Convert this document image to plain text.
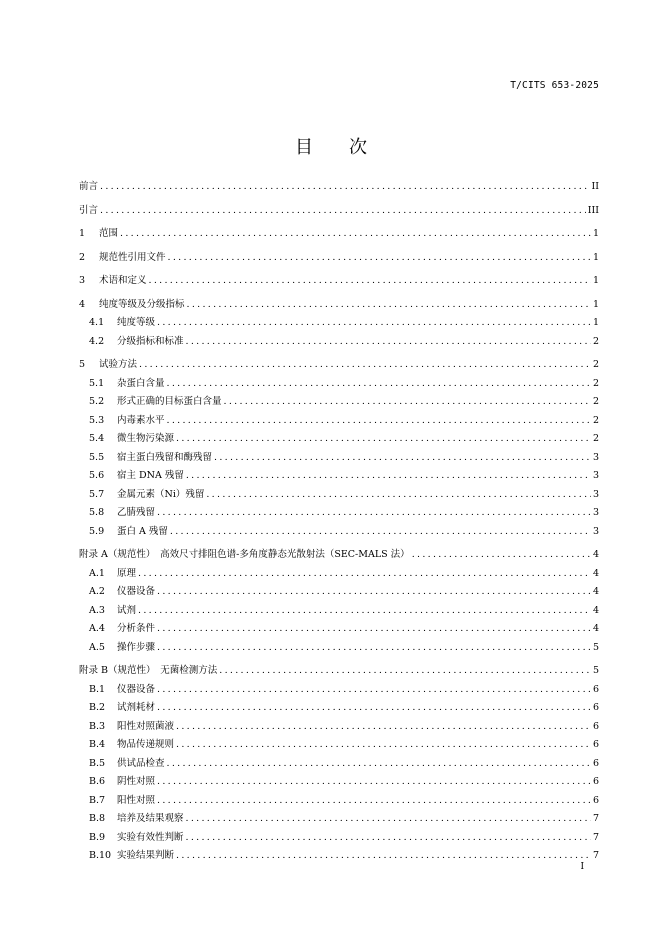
T/CITS 653-2025
目　　次
前言 .....	II
引言 .....	III
1	范围 .....	1
2	规范性引用文件 .....	1
3	术语和定义 .....	1
4	纯度等级及分级指标 .....	1
4.1	纯度等级 .....	1
4.2	分级指标和标准 .....	2
5	试验方法 .....	2
5.1	杂蛋白含量 .....	2
5.2	形式正确的目标蛋白含量 .....	2
5.3	内毒素水平 .....	2
5.4	微生物污染源 .....	2
5.5	宿主蛋白残留和酶残留 .....	3
5.6	宿主 DNA 残留 .....	3
5.7	金属元素（Ni）残留 .....	3
5.8	乙腈残留 .....	3
5.9	蛋白 A 残留 .....	3
附录 A（规范性）　高效尺寸排阻色谱-多角度静态光散射法（SEC-MALS 法） .....	4
A.1	原理 .....	4
A.2	仪器设备 .....	4
A.3	试剂 .....	4
A.4	分析条件 .....	4
A.5	操作步骤 .....	5
附录 B（规范性）　无菌检测方法 .....	5
B.1	仪器设备 .....	6
B.2	试剂耗材 .....	6
B.3	阳性对照菌液 .....	6
B.4	物品传递规则 .....	6
B.5	供试品检查 .....	6
B.6	阴性对照 .....	6
B.7	阳性对照 .....	6
B.8	培养及结果观察 .....	7
B.9	实验有效性判断 .....	7
B.10 实验结果判断 .....	7
I
